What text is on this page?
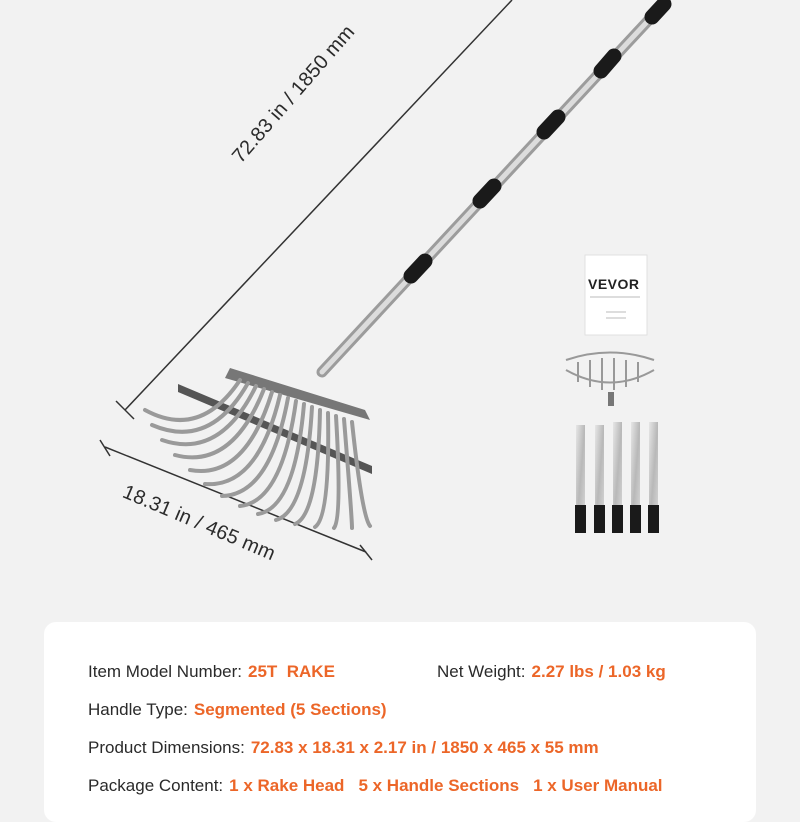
72.83 in / 1850 mm
18.31 in / 465 mm
VEVOR
Item Model Number: 25T  RAKE	Net Weight: 2.27 lbs / 1.03 kg
Handle Type: Segmented (5 Sections)
Product Dimensions: 72.83 x 18.31 x 2.17 in / 1850 x 465 x 55 mm
Package Content: 1 x Rake Head 5 x Handle Sections 1 x User Manual
